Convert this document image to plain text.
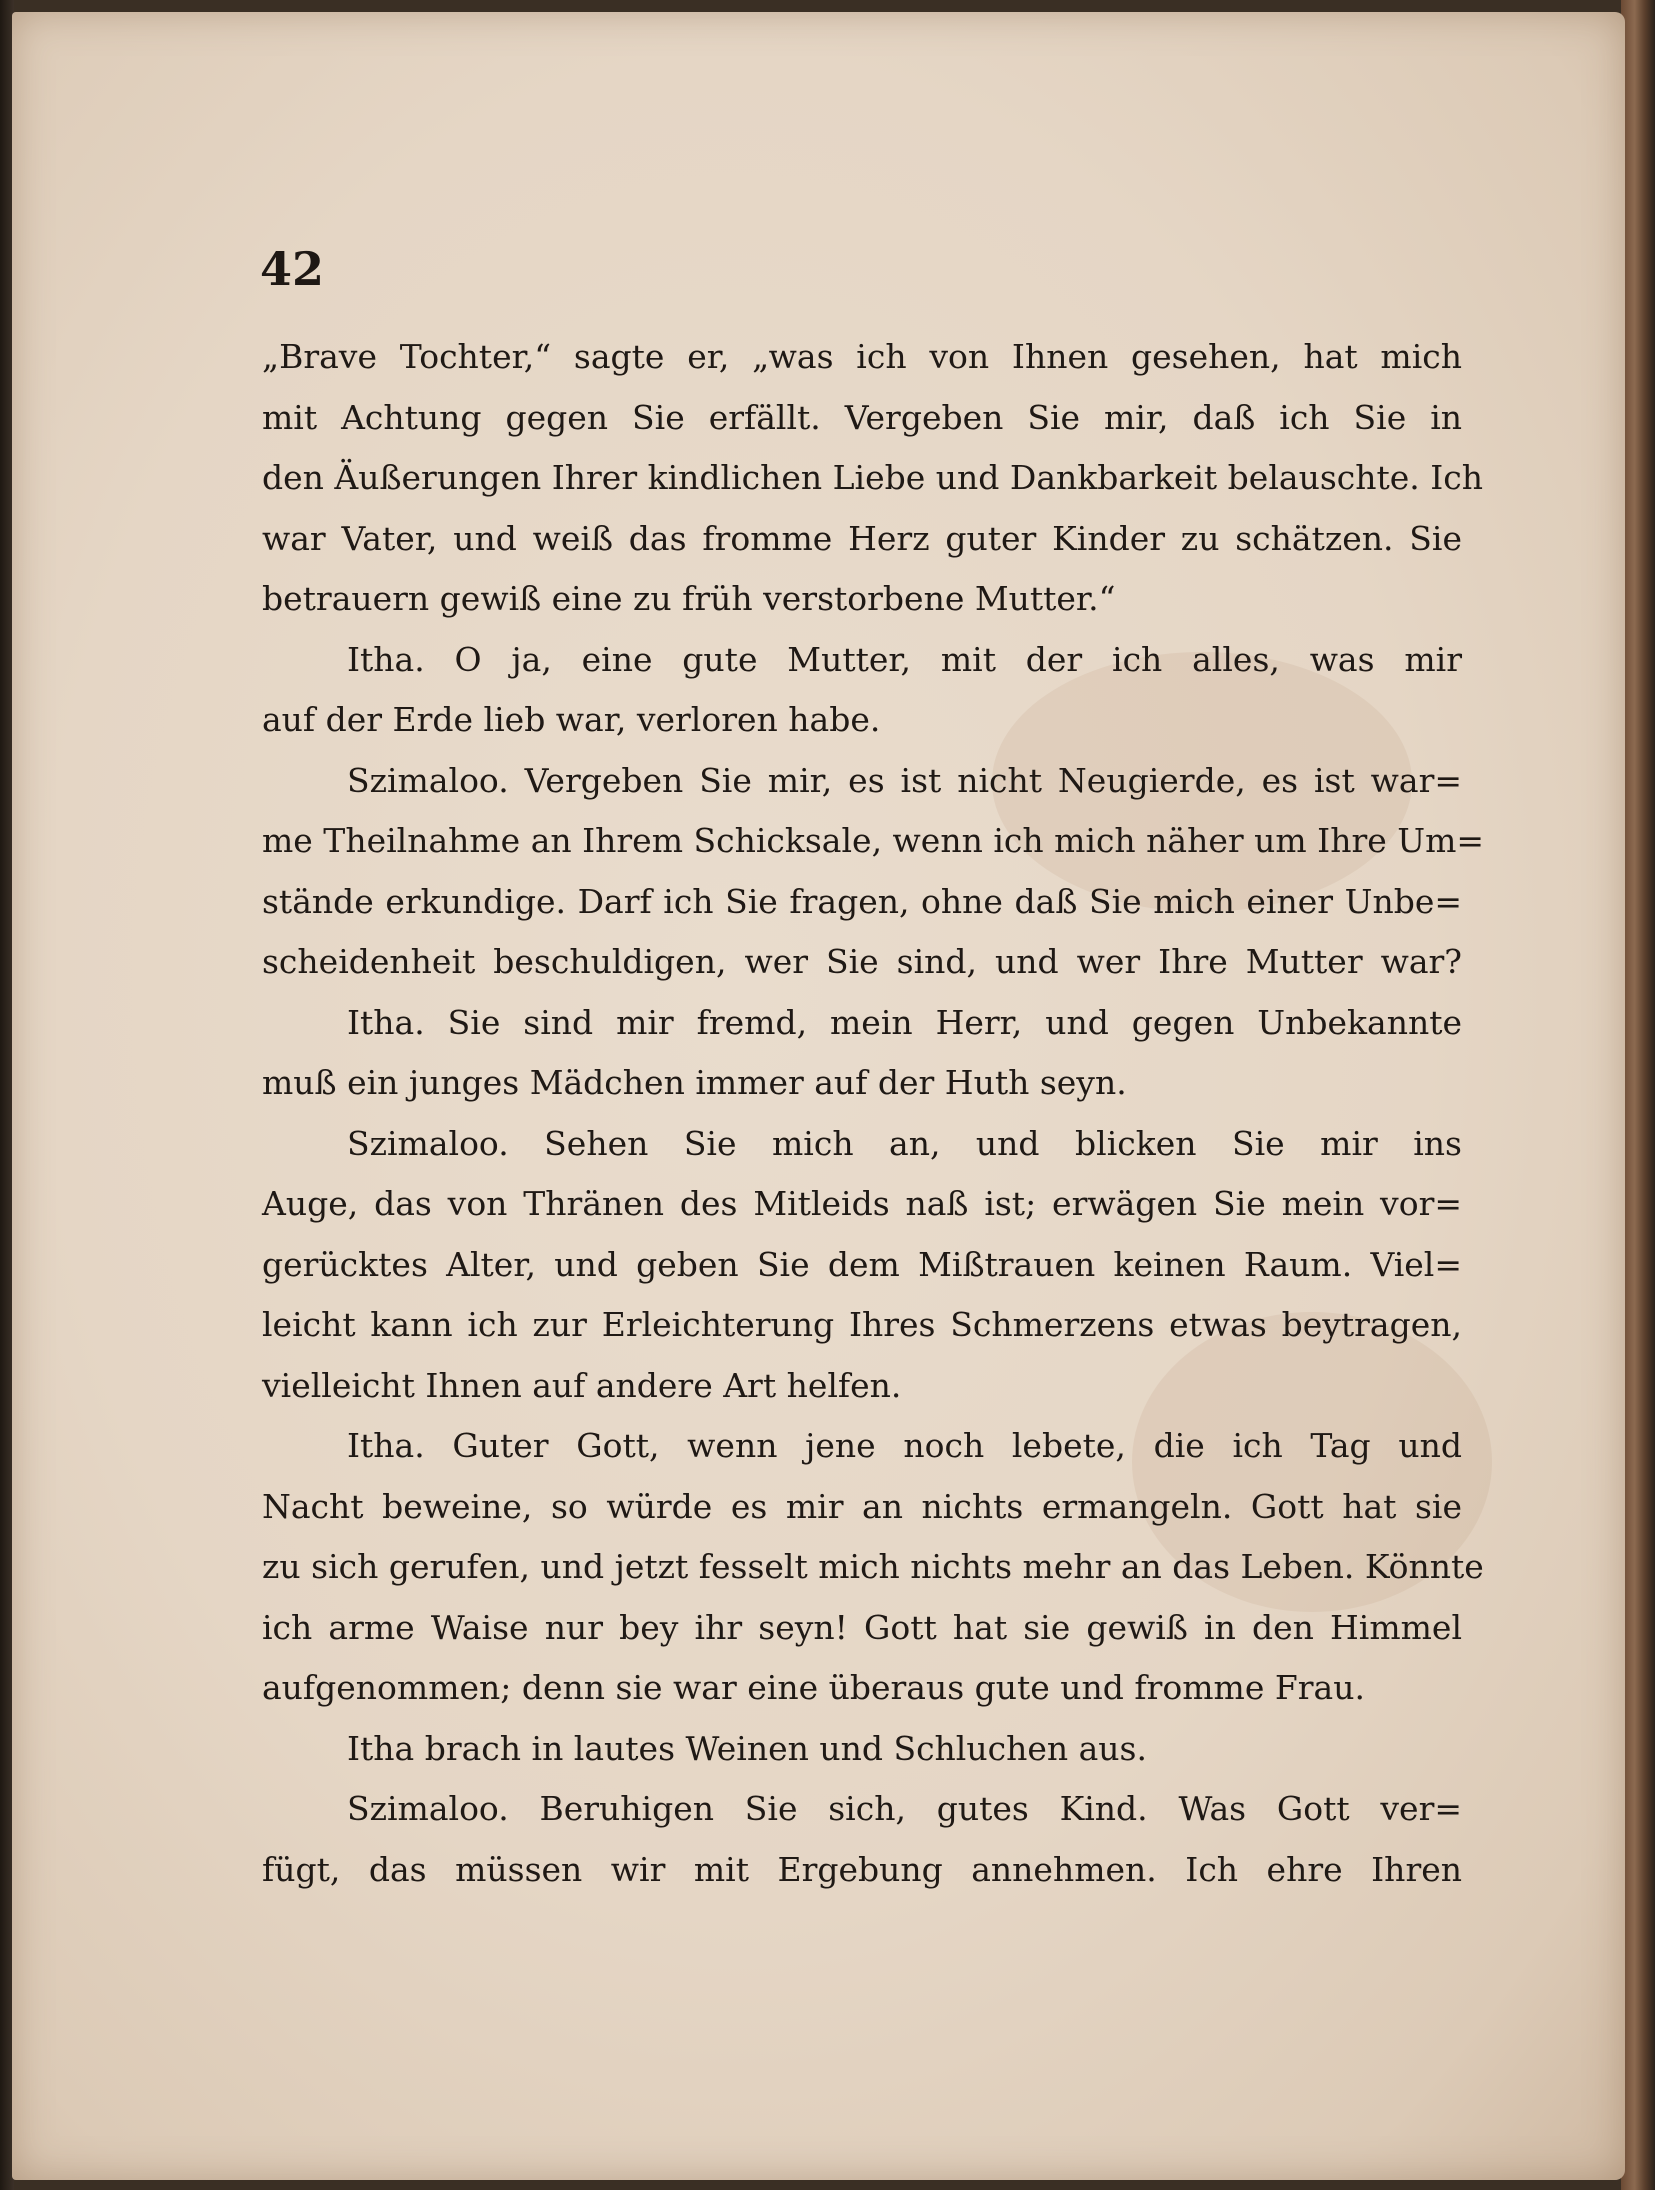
42
„Brave Tochter,“ sagte er, „was ich von Ihnen gesehen, hat mich
mit Achtung gegen Sie erfällt. Vergeben Sie mir, daß ich Sie in
den Äußerungen Ihrer kindlichen Liebe und Dankbarkeit belauschte. Ich
war Vater, und weiß das fromme Herz guter Kinder zu schätzen. Sie
betrauern gewiß eine zu früh verstorbene Mutter.“
Itha. O ja, eine gute Mutter, mit der ich alles, was mir
auf der Erde lieb war, verloren habe.
Szimaloo. Vergeben Sie mir, es ist nicht Neugierde, es ist war=
me Theilnahme an Ihrem Schicksale, wenn ich mich näher um Ihre Um=
stände erkundige. Darf ich Sie fragen, ohne daß Sie mich einer Unbe=
scheidenheit beschuldigen, wer Sie sind, und wer Ihre Mutter war?
Itha. Sie sind mir fremd, mein Herr, und gegen Unbekannte
muß ein junges Mädchen immer auf der Huth seyn.
Szimaloo. Sehen Sie mich an, und blicken Sie mir ins
Auge, das von Thränen des Mitleids naß ist; erwägen Sie mein vor=
gerücktes Alter, und geben Sie dem Mißtrauen keinen Raum. Viel=
leicht kann ich zur Erleichterung Ihres Schmerzens etwas beytragen,
vielleicht Ihnen auf andere Art helfen.
Itha. Guter Gott, wenn jene noch lebete, die ich Tag und
Nacht beweine, so würde es mir an nichts ermangeln. Gott hat sie
zu sich gerufen, und jetzt fesselt mich nichts mehr an das Leben. Könnte
ich arme Waise nur bey ihr seyn! Gott hat sie gewiß in den Himmel
aufgenommen; denn sie war eine überaus gute und fromme Frau.
Itha brach in lautes Weinen und Schluchen aus.
Szimaloo. Beruhigen Sie sich, gutes Kind. Was Gott ver=
fügt, das müssen wir mit Ergebung annehmen. Ich ehre Ihren
